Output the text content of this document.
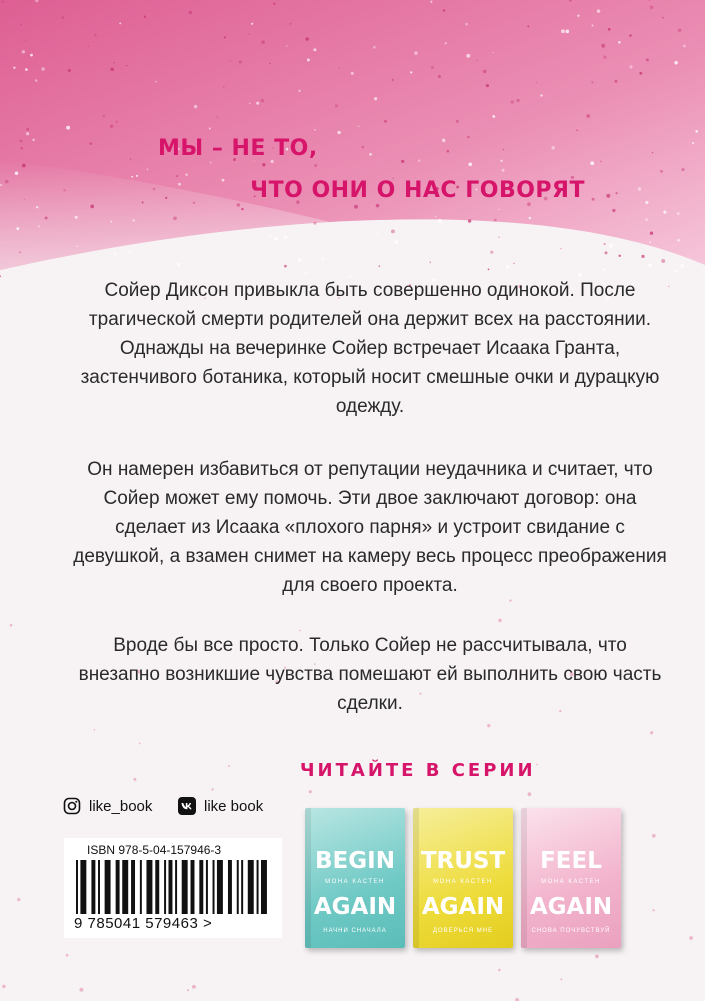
МЫ – НЕ ТО,

ЧТО ОНИ О НАС ГОВОРЯТ

Сойер Диксон привыкла быть совершенно одинокой. После трагической смерти родителей она держит всех на расстоянии. Однажды на вечеринке Сойер встречает Исаака Гранта, застенчивого ботаника, который носит смешные очки и дурацкую одежду.

Он намерен избавиться от репутации неудачника и считает, что Сойер может ему помочь. Эти двое заключают договор: она сделает из Исаака «плохого парня» и устроит свидание с девушкой, а взамен снимет на камеру весь процесс преображения для своего проекта.

Вроде бы все просто. Только Сойер не рассчитывала, что внезапно возникшие чувства помешают ей выполнить свою часть сделки.

ЧИТАЙТЕ В СЕРИИ

like_book	like book

ISBN 978-5-04-157946-3

9 785041 579463 >

BEGIN
МОНА КАСТЕН
AGAIN
НАЧНИ СНАЧАЛА
TRUST
МОНА КАСТЕН
AGAIN
ДОВЕРЬСЯ МНЕ
FEEL
МОНА КАСТЕН
AGAIN
СНОВА ПОЧУВСТВУЙ
